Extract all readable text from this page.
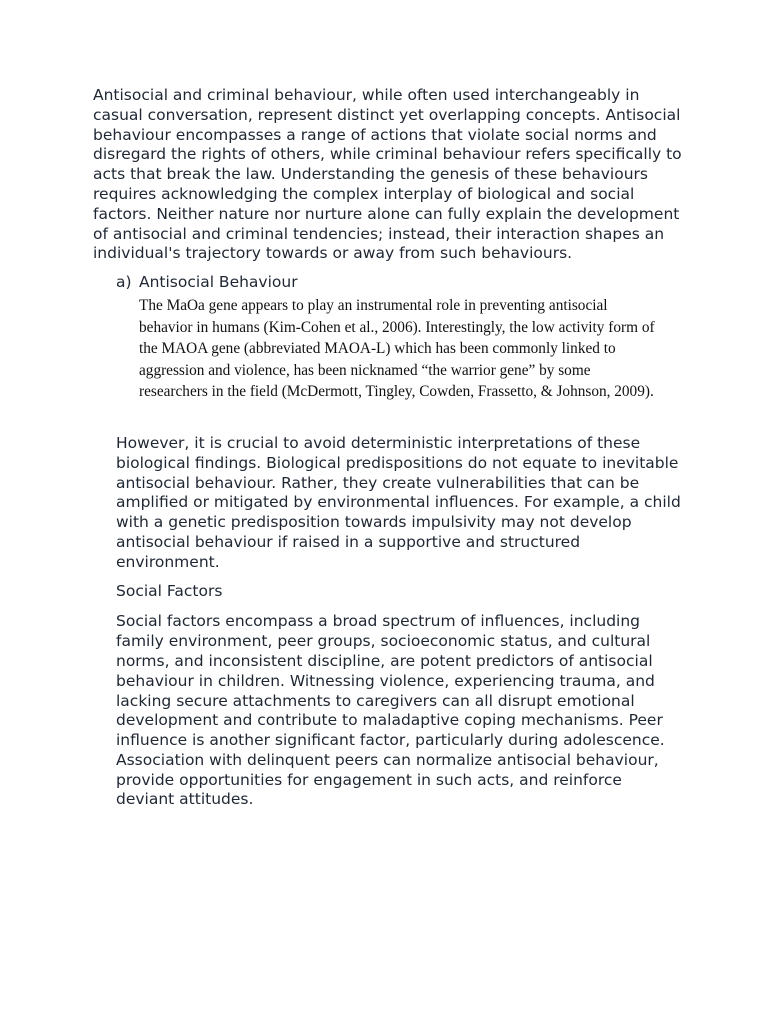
Antisocial and criminal behaviour, while often used interchangeably in casual conversation, represent distinct yet overlapping concepts. Antisocial behaviour encompasses a range of actions that violate social norms and disregard the rights of others, while criminal behaviour refers specifically to acts that break the law. Understanding the genesis of these behaviours requires acknowledging the complex interplay of biological and social factors. Neither nature nor nurture alone can fully explain the development of antisocial and criminal tendencies; instead, their interaction shapes an individual's trajectory towards or away from such behaviours.

a) Antisocial Behaviour

The MaOa gene appears to play an instrumental role in preventing antisocial behavior in humans (Kim-Cohen et al., 2006). Interestingly, the low activity form of the MAOA gene (abbreviated MAOA-L) which has been commonly linked to aggression and violence, has been nicknamed “the warrior gene” by some researchers in the field (McDermott, Tingley, Cowden, Frassetto, & Johnson, 2009).

However, it is crucial to avoid deterministic interpretations of these biological findings. Biological predispositions do not equate to inevitable antisocial behaviour. Rather, they create vulnerabilities that can be amplified or mitigated by environmental influences. For example, a child with a genetic predisposition towards impulsivity may not develop antisocial behaviour if raised in a supportive and structured environment.

Social Factors

Social factors encompass a broad spectrum of influences, including family environment, peer groups, socioeconomic status, and cultural norms, and inconsistent discipline, are potent predictors of antisocial behaviour in children. Witnessing violence, experiencing trauma, and lacking secure attachments to caregivers can all disrupt emotional development and contribute to maladaptive coping mechanisms. Peer influence is another significant factor, particularly during adolescence. Association with delinquent peers can normalize antisocial behaviour, provide opportunities for engagement in such acts, and reinforce deviant attitudes.
